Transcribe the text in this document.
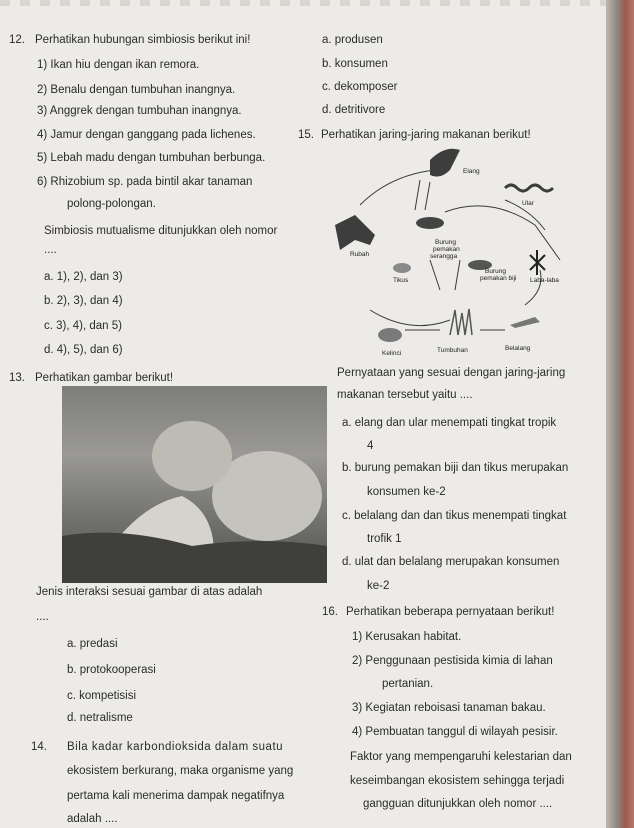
12. Perhatikan hubungan simbiosis berikut ini!
1) Ikan hiu dengan ikan remora.
2) Benalu dengan tumbuhan inangnya.
3) Anggrek dengan tumbuhan inangnya.
4) Jamur dengan ganggang pada lichenes.
5) Lebah madu dengan tumbuhan berbunga.
6) Rhizobium sp. pada bintil akar tanaman
polong-polongan.
Simbiosis mutualisme ditunjukkan oleh nomor
....
a. 1), 2), dan 3)
b. 2), 3), dan 4)
c. 3), 4), dan 5)
d. 4), 5), dan 6)
a. produsen
b. konsumen
c. dekomposer
d. detritivore
15. Perhatikan jaring-jaring makanan berikut!
Elang
Ular
Burung
pemakan
serangga
Rubah
Tikus
Burung
pemakan biji Laba-laba
Kelinci	Tumbuhan	Belalang
13. Perhatikan gambar berikut!
Jenis interaksi sesuai gambar di atas adalah
....
a. predasi
b. protokooperasi
c. kompetisisi
d. netralisme
14. Bila kadar karbondioksida dalam suatu
ekosistem berkurang, maka organisme yang
pertama kali menerima dampak negatifnya
adalah ....
Pernyataan yang sesuai dengan jaring-jaring
makanan tersebut yaitu ....
a. elang dan ular menempati tingkat tropik
4
b. burung pemakan biji dan tikus merupakan
konsumen ke-2
c. belalang dan dan tikus menempati tingkat
trofik 1
d. ulat dan belalang merupakan konsumen
ke-2
16. Perhatikan beberapa pernyataan berikut!
1) Kerusakan habitat.
2) Penggunaan pestisida kimia di lahan
pertanian.
3) Kegiatan reboisasi tanaman bakau.
4) Pembuatan tanggul di wilayah pesisir.
Faktor yang mempengaruhi kelestarian dan
keseimbangan ekosistem sehingga terjadi
gangguan ditunjukkan oleh nomor ....
